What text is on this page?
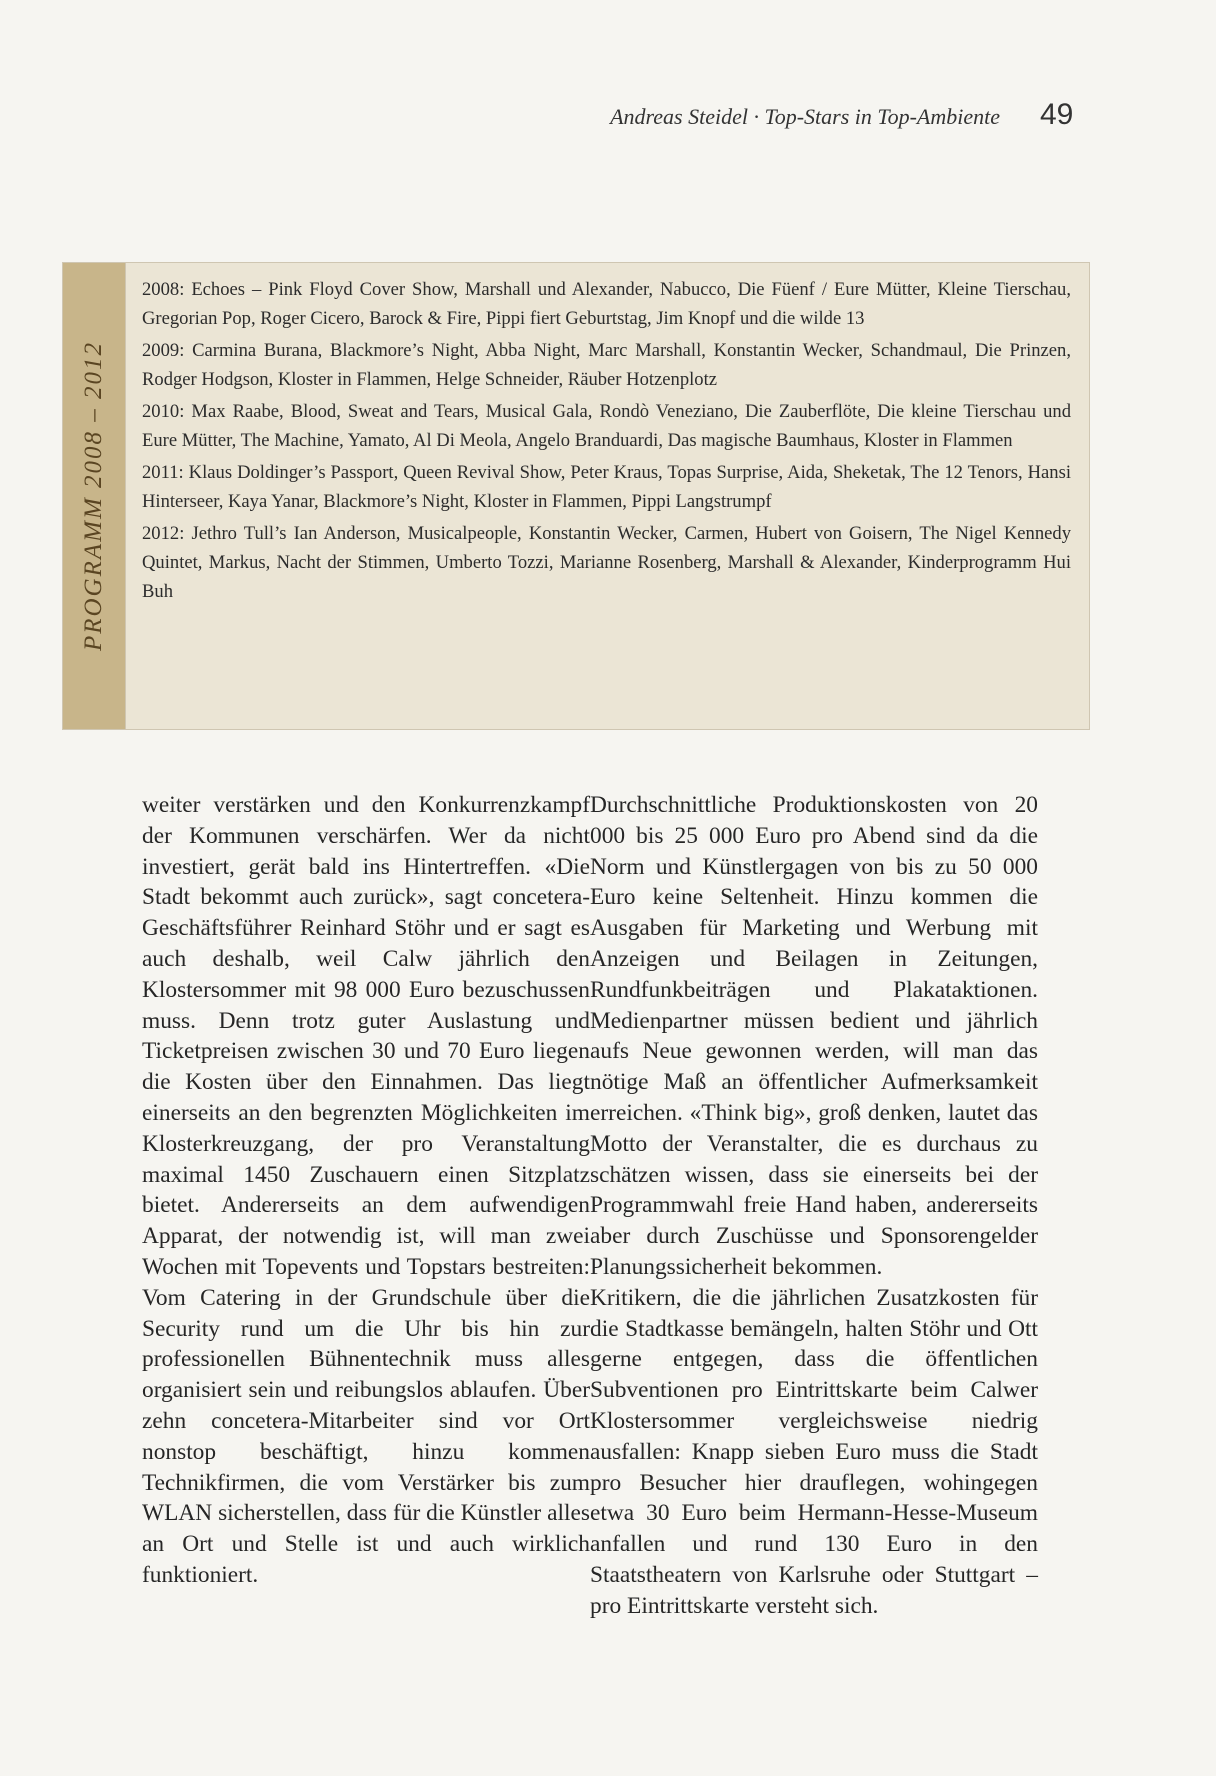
Andreas Steidel · Top-Stars in Top-Ambiente 49
PROGRAMM 2008 – 2012

2008: Echoes – Pink Floyd Cover Show, Marshall und Alexander, Nabucco, Die Füenf / Eure Mütter, Kleine Tierschau, Gregorian Pop, Roger Cicero, Barock & Fire, Pippi fiert Geburtstag, Jim Knopf und die wilde 13

2009: Carmina Burana, Blackmore’s Night, Abba Night, Marc Marshall, Konstantin Wecker, Schandmaul, Die Prinzen, Rodger Hodgson, Kloster in Flammen, Helge Schneider, Räuber Hotzenplotz

2010: Max Raabe, Blood, Sweat and Tears, Musical Gala, Rondò Veneziano, Die Zauberflöte, Die kleine Tierschau und Eure Mütter, The Machine, Yamato, Al Di Meola, Angelo Branduardi, Das magische Baumhaus, Kloster in Flammen

2011: Klaus Doldinger’s Passport, Queen Revival Show, Peter Kraus, Topas Surprise, Aida, Sheketak, The 12 Tenors, Hansi Hinterseer, Kaya Yanar, Blackmore’s Night, Kloster in Flammen, Pippi Langstrumpf

2012: Jethro Tull’s Ian Anderson, Musicalpeople, Konstantin Wecker, Carmen, Hubert von Goisern, The Nigel Kennedy Quintet, Markus, Nacht der Stimmen, Umberto Tozzi, Marianne Rosenberg, Marshall & Alexander, Kinderprogramm Hui Buh

weiter verstärken und den Konkurrenzkampf der Kommunen verschärfen. Wer da nicht investiert, gerät bald ins Hintertreffen. «Die Stadt bekommt auch zurück», sagt concetera-Geschäftsführer Reinhard Stöhr und er sagt es auch deshalb, weil Calw jährlich den Klostersommer mit 98 000 Euro bezuschussen muss. Denn trotz guter Auslastung und Ticketpreisen zwischen 30 und 70 Euro liegen die Kosten über den Einnahmen. Das liegt einerseits an den begrenzten Möglichkeiten im Klosterkreuzgang, der pro Veranstaltung maximal 1450 Zuschauern einen Sitzplatz bietet. Andererseits an dem aufwendigen Apparat, der notwendig ist, will man zwei Wochen mit Topevents und Topstars bestreiten: Vom Catering in der Grundschule über die Security rund um die Uhr bis hin zur professionellen Bühnentechnik muss alles organisiert sein und reibungslos ablaufen. Über zehn concetera-Mitarbeiter sind vor Ort nonstop beschäftigt, hinzu kommen Technikfirmen, die vom Verstärker bis zum WLAN sicherstellen, dass für die Künstler alles an Ort und Stelle ist und auch wirklich funktioniert.

Durchschnittliche Produktionskosten von 20 000 bis 25 000 Euro pro Abend sind da die Norm und Künstlergagen von bis zu 50 000 Euro keine Seltenheit. Hinzu kommen die Ausgaben für Marketing und Werbung mit Anzeigen und Beilagen in Zeitungen, Rundfunkbeiträgen und Plakataktionen. Medienpartner müssen bedient und jährlich aufs Neue gewonnen werden, will man das nötige Maß an öffentlicher Aufmerksamkeit erreichen. «Think big», groß denken, lautet das Motto der Veranstalter, die es durchaus zu schätzen wissen, dass sie einerseits bei der Programmwahl freie Hand haben, andererseits aber durch Zuschüsse und Sponsorengelder Planungssicherheit bekommen.

Kritikern, die die jährlichen Zusatzkosten für die Stadtkasse bemängeln, halten Stöhr und Ott gerne entgegen, dass die öffentlichen Subventionen pro Eintrittskarte beim Calwer Klostersommer vergleichsweise niedrig ausfallen: Knapp sieben Euro muss die Stadt pro Besucher hier drauflegen, wohingegen etwa 30 Euro beim Hermann-Hesse-Museum anfallen und rund 130 Euro in den Staatstheatern von Karlsruhe oder Stuttgart – pro Eintrittskarte versteht sich.
